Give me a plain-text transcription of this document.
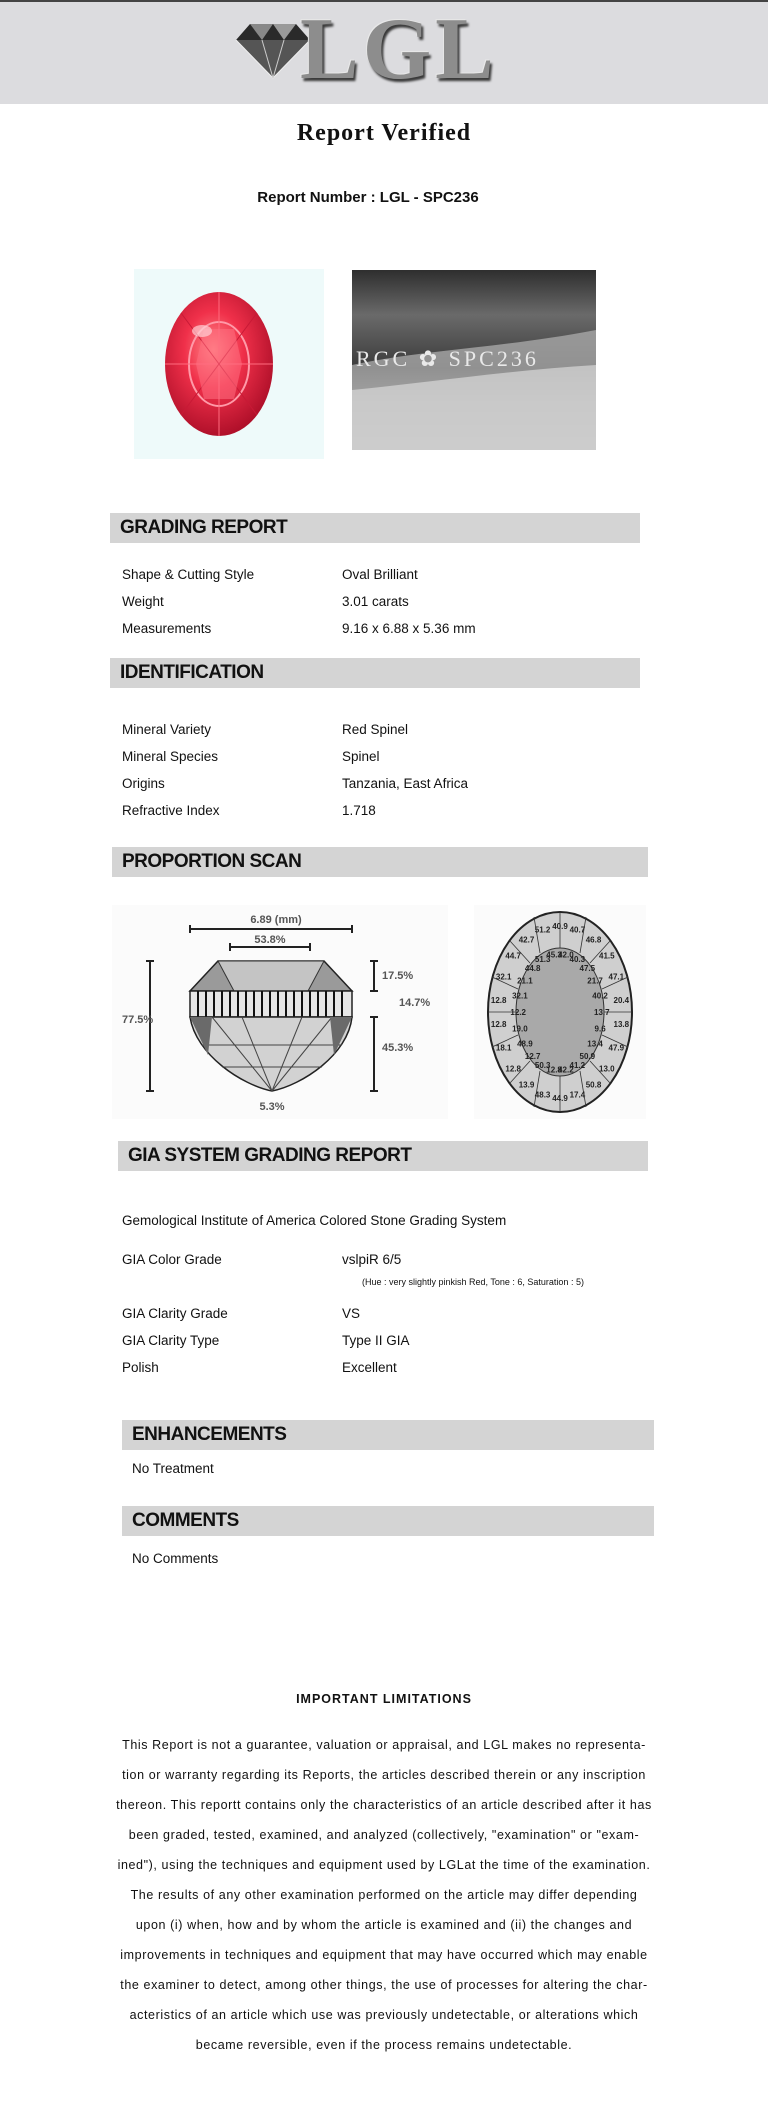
LGL
Report Verified
Report Number : LGL - SPC236
RGC ✿ SPC236
GRADING REPORT
Shape & Cutting Style	Oval Brilliant
Weight	3.01 carats
Measurements	9.16 x 6.88 x 5.36 mm
IDENTIFICATION
Mineral Variety	Red Spinel
Mineral Species	Spinel
Origins	Tanzania, East Africa
Refractive Index	1.718
PROPORTION SCAN
6.89 (mm)
53.8%
77.5%
17.5%
14.7%
45.3%
5.3%
40.9
42.0
40.7
40.3
46.8
47.5
41.5
21.7 47.1
40.2 20.4
13.7
13.8
9.6
47.9
13.4
13.0
50.9
50.8
41.2
17.4
42.2
44.9
12.8
48.3
50.3
13.9
12.7
12.8
48.9
18.1
19.0
12.8
12.2
12.8 32.1
32.1 21.1
44.7
44.8
42.7
51.3
51.2
45.3
GIA SYSTEM GRADING REPORT
Gemological Institute of America Colored Stone Grading System
GIA Color Grade	vslpiR 6/5
(Hue : very slightly pinkish Red, Tone : 6, Saturation : 5)
GIA Clarity Grade	VS
GIA Clarity Type	Type II GIA
Polish	Excellent
ENHANCEMENTS
No Treatment
COMMENTS
No Comments
IMPORTANT LIMITATIONS
This Report is not a guarantee, valuation or appraisal, and LGL makes no representa-
tion or warranty regarding its Reports, the articles described therein or any inscription
thereon. This reportt contains only the characteristics of an article described after it has
been graded, tested, examined, and analyzed (collectively, "examination" or "exam-
ined"), using the techniques and equipment used by LGLat the time of the examination.
The results of any other examination performed on the article may differ depending
upon (i) when, how and by whom the article is examined and (ii) the changes and
improvements in techniques and equipment that may have occurred which may enable
the examiner to detect, among other things, the use of processes for altering the char-
acteristics of an article which use was previously undetectable, or alterations which
became reversible, even if the process remains undetectable.
